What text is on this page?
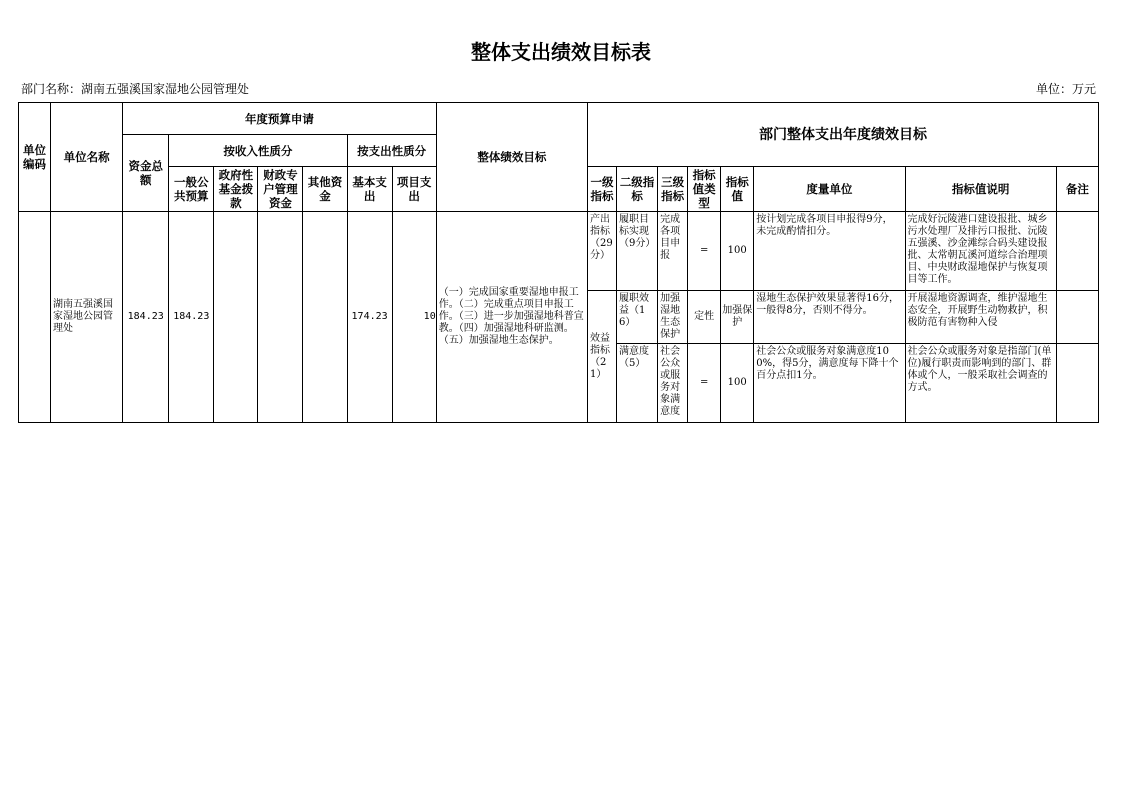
整体支出绩效目标表
部门名称：湖南五强溪国家湿地公园管理处	单位：万元
单位编码	单位名称	年度预算申请							整体绩效目标	部门整体支出年度绩效目标							
		资金总额	按收入性质分				按支出性质分										
			一般公共预算	政府性基金拨款	财政专户管理资金	其他资金	基本支出	项目支出		一级指标	二级指标	三级指标	指标值类型	指标值	度量单位	指标值说明	备注
	湖南五强溪国家湿地公园管理处	184.23	184.23				174.23	10	（一）完成国家重要湿地申报工作。（二）完成重点项目申报工作。（三）进一步加强湿地科普宣教。（四）加强湿地科研监测。（五）加强湿地生态保护。	产出指标（29分）	履职目标实现（9分）	完成各项目申报	=	100	按计划完成各项目申报得9分，未完成酌情扣分。	完成好沅陵港口建设报批、城乡污水处理厂及排污口报批、沅陵五强溪、沙金滩综合码头建设报批、太常朝瓦溪河道综合治理项目、中央财政湿地保护与恢复项目等工作。	

										效益指标（21）	履职效益（16）	加强湿地生态保护	定性	加强保护	湿地生态保护效果显著得16分，一般得8分，否则不得分。	开展湿地资源调查，维护湿地生态安全，开展野生动物救护，积极防范有害物种入侵	

											满意度（5）	社会公众或服务对象满意度	=	100	社会公众或服务对象满意度100%，得5分，满意度每下降十个百分点扣1分。	社会公众或服务对象是指部门(单位)履行职责而影响到的部门、群体或个人，一般采取社会调查的方式。	
